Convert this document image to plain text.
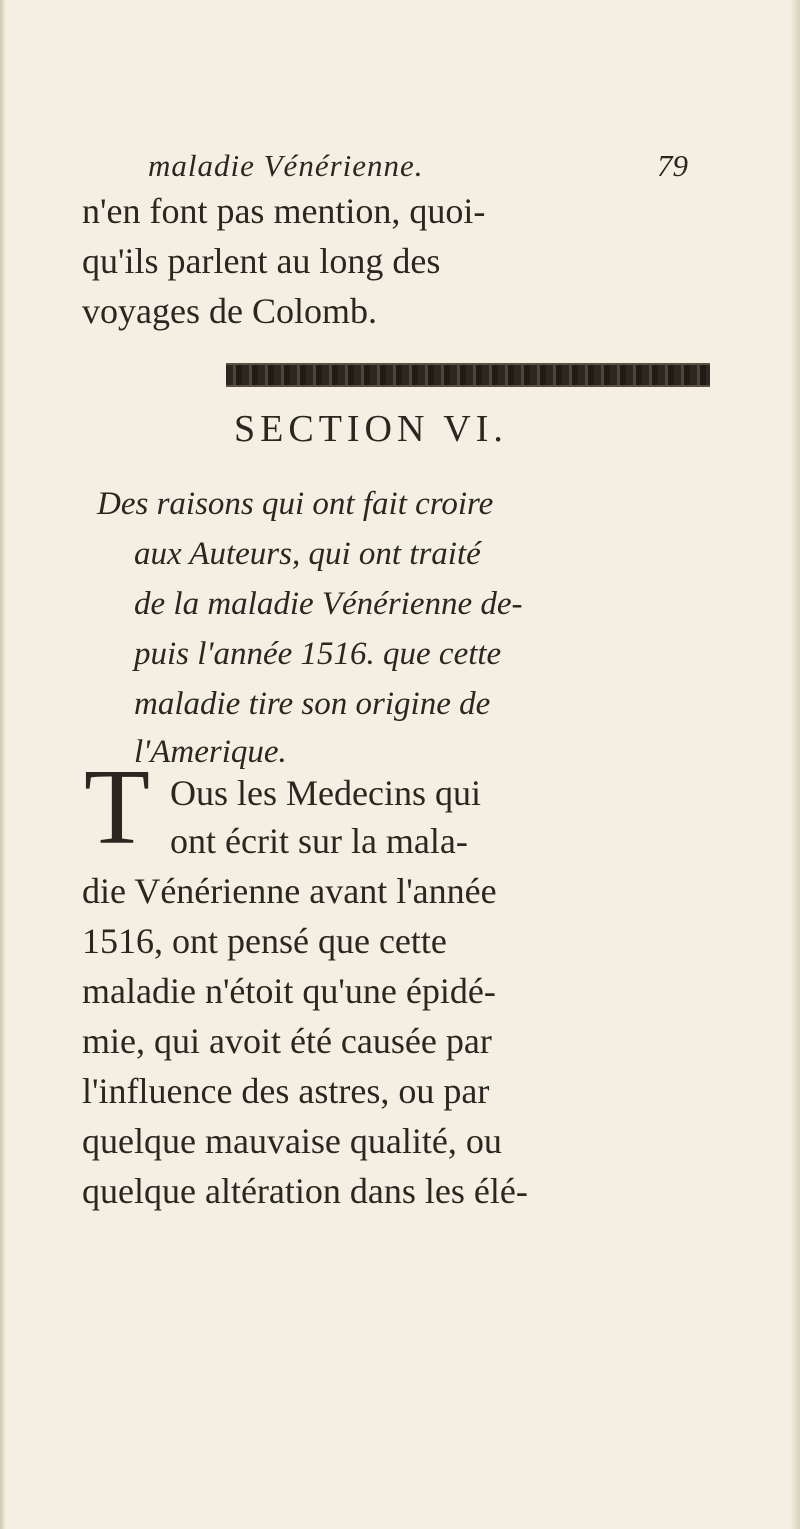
maladie Vénérienne.	79
n'en font pas mention, quoi-
qu'ils parlent au long des
voyages de Colomb.
SECTION VI.
Des raisons qui ont fait croire
aux Auteurs, qui ont traité
de la maladie Vénérienne de-
puis l'année 1516. que cette
maladie tire son origine de
l'Amerique.
T Ous les Medecins qui
ont écrit sur la mala-
die Vénérienne avant l'année
1516, ont pensé que cette
maladie n'étoit qu'une épidé-
mie, qui avoit été causée par
l'influence des astres, ou par
quelque mauvaise qualité, ou
quelque altération dans les élé-
